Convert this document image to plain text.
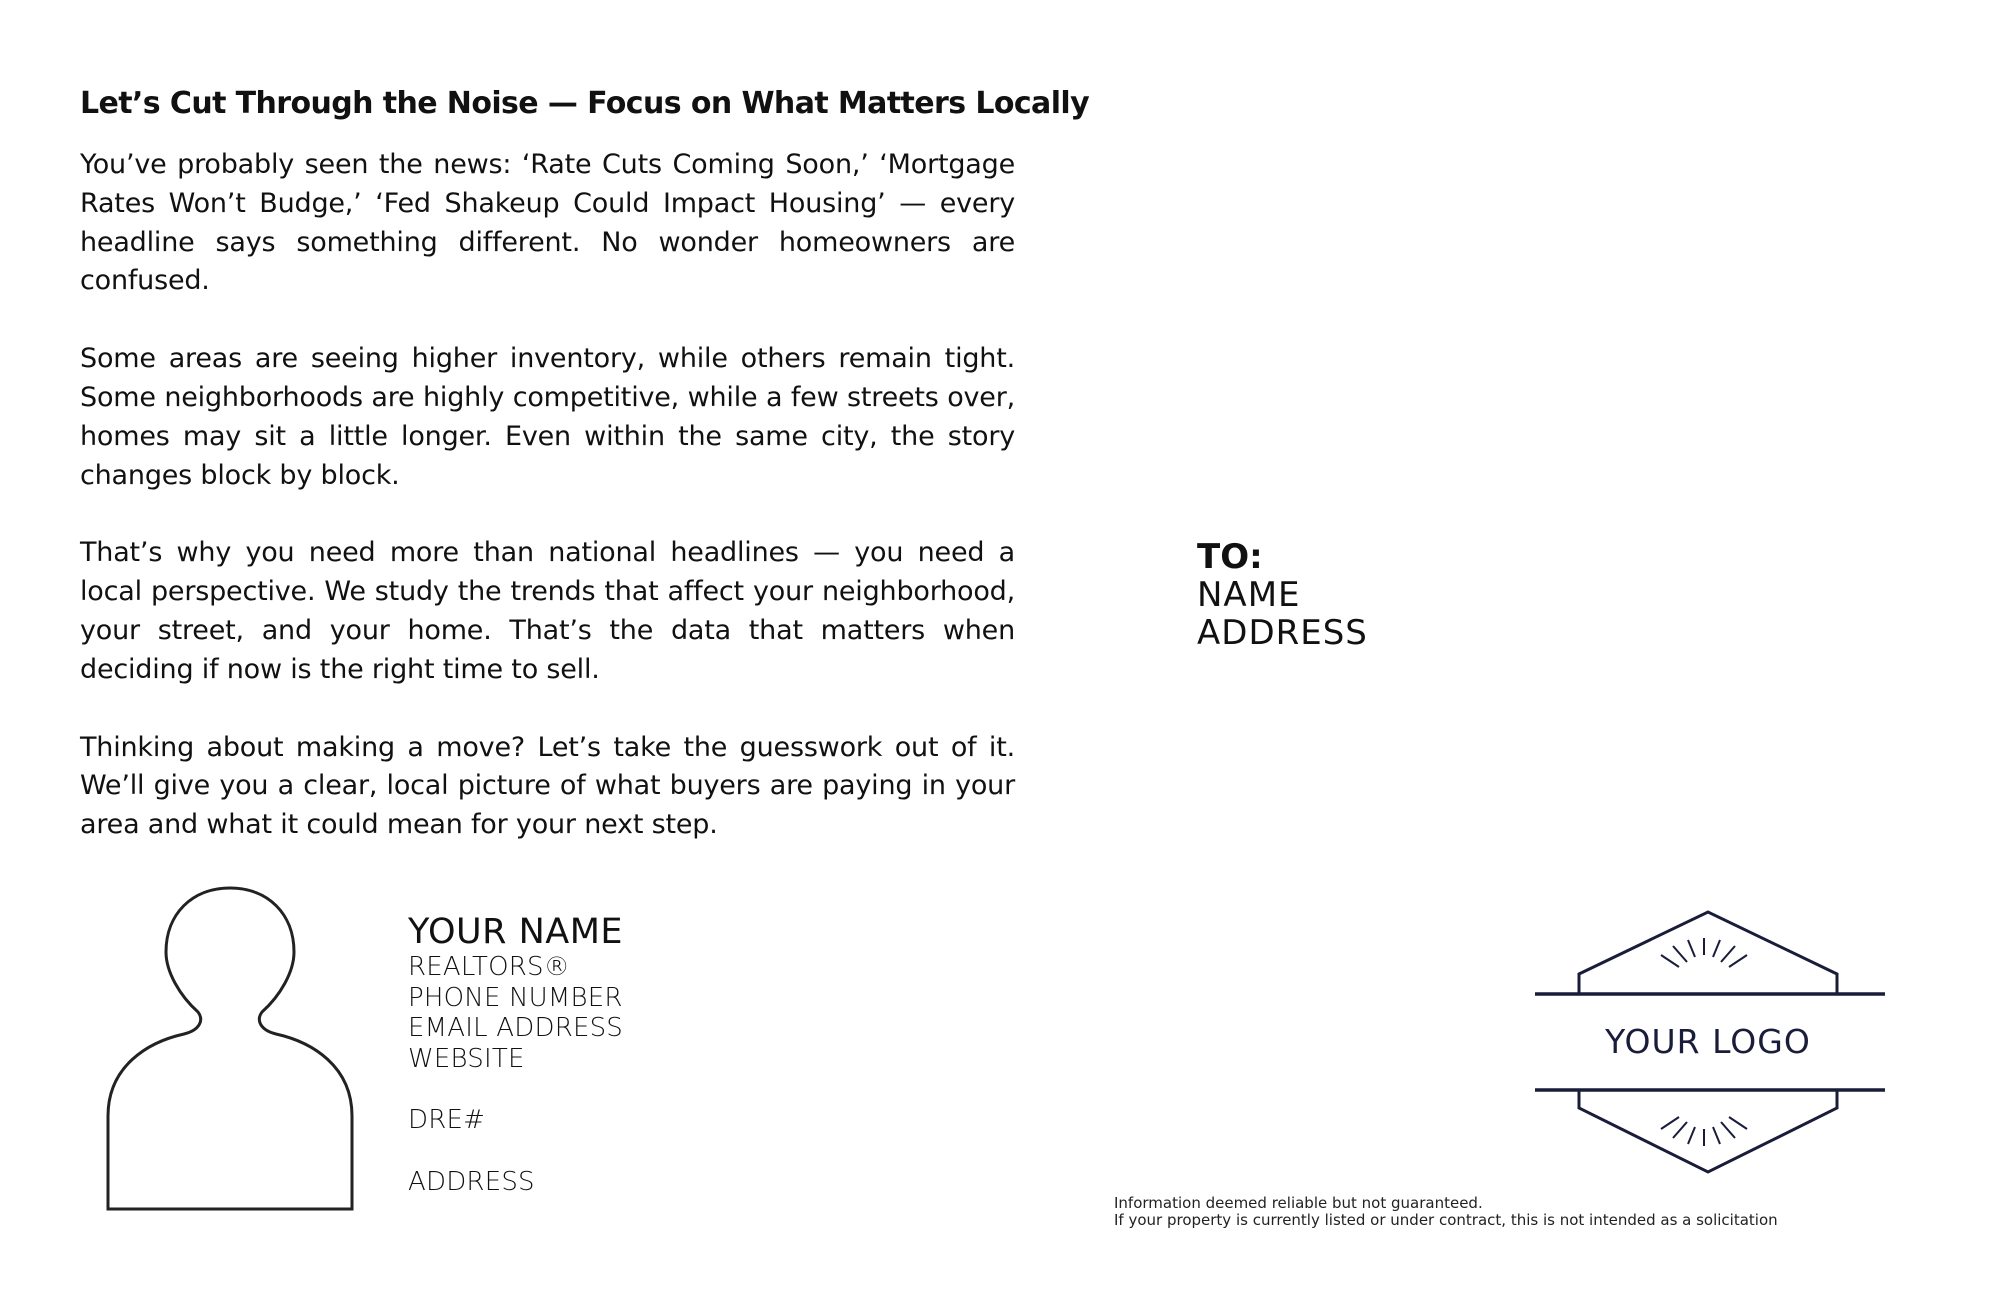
Let’s Cut Through the Noise — Focus on What Matters Locally

You’ve probably seen the news: ‘Rate Cuts Coming Soon,’ ‘Mortgage Rates Won’t Budge,’ ‘Fed Shakeup Could Impact Housing’ — every headline says something different. No wonder homeowners are confused.

Some areas are seeing higher inventory, while others remain tight. Some neighborhoods are highly competitive, while a few streets over, homes may sit a little longer. Even within the same city, the story changes block by block.

That’s why you need more than national headlines — you need a local perspective. We study the trends that affect your neighborhood, your street, and your home. That’s the data that matters when deciding if now is the right time to sell.

Thinking about making a move? Let’s take the guesswork out of it. We’ll give you a clear, local picture of what buyers are paying in your area and what it could mean for your next step.

YOUR NAME
REALTORS®
PHONE NUMBER
EMAIL ADDRESS
WEBSITE
DRE#
ADDRESS
TO:
NAME
ADDRESS
YOUR LOGO
Information deemed reliable but not guaranteed.
If your property is currently listed or under contract, this is not intended as a solicitation
